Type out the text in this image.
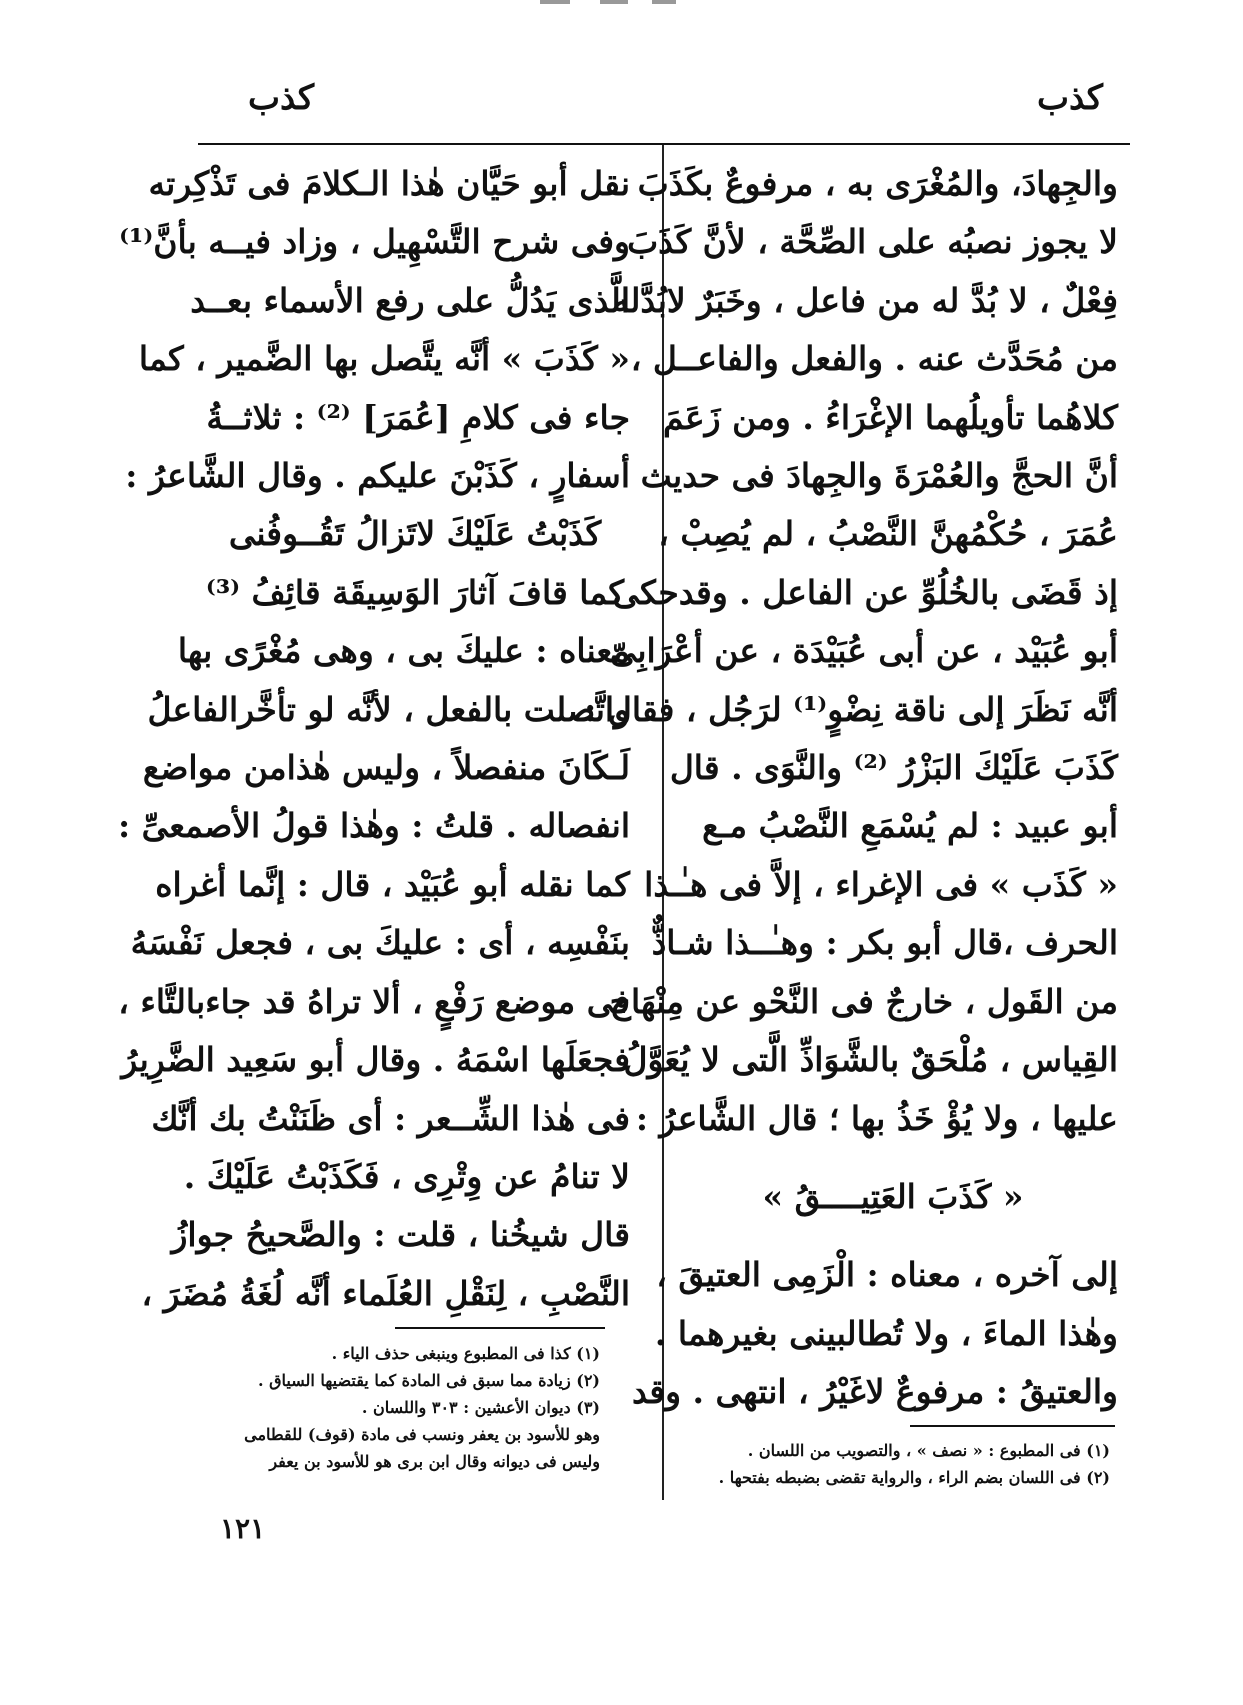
كذب
كذب
والجِهادَ، والمُغْرَى به ، مرفوعٌ بكَذَبَ
لا يجوز نصبُه على الصِّحَّة ، لأنَّ كَذَبَ
فِعْلٌ ، لا بُدَّ له من فاعل ، وخَبَرٌ لابُدَّله
من مُحَدَّث عنه . والفعل والفاعــل ،
كلاهُما تأويلُهما الإغْرَاءُ . ومن زَعَمَ
أنَّ الحجَّ والعُمْرَةَ والجِهادَ فى حديث
عُمَرَ ، حُكْمُهنَّ النَّصْبُ ، لم يُصِبْ ،
إذ قَضَى بالخُلُوِّ عن الفاعل . وقدحكى
أبو عُبَيْد ، عن أبى عُبَيْدَة ، عن أعْرَابِىّ
أنَّه نَظَرَ إلى ناقة نِضْوٍ⁽¹⁾ لرَجُل ، فقال :
كَذَبَ عَلَيْكَ البَزْرُ ⁽²⁾ والنَّوَى . قال
أبو عبيد : لم يُسْمَعِ النَّصْبُ مـع
« كَذَب » فى الإغراء ، إلاَّ فى هـٰـذا
الحرف ،قال أبو بكر : وهـٰــذا شـاذٌّ
من القَول ، خارجٌ فى النَّحْو عن مِنْهَاج
القِياس ، مُلْحَقٌ بالشَّوَاذِّ الَّتى لا يُعَوَّلُ
عليها ، ولا يُؤْ خَذُ بها ؛ قال الشَّاعرُ :
« كَذَبَ العَتِيــــقُ »
إلى آخره ، معناه : الْزَمِى العتيقَ ،
وهٰذا الماءَ ، ولا تُطالبينى بغيرهما .
والعتيقُ : مرفوعٌ لاغَيْرُ ، انتهى . وقد
نقل أبو حَيَّان هٰذا الـكلامَ فى تَذْكِرته
وفى شرح التَّسْهِيل ، وزاد فيــه بأنَّ⁽¹⁾
الَّذى يَدُلُّ على رفع الأسماء بعــد
« كَذَبَ » أنَّه يتَّصل بها الضَّمير ، كما
جاء فى كلامِ [عُمَرَ] ⁽²⁾ : ثلاثــةُ
أسفارٍ ، كَذَبْنَ عليكم . وقال الشَّاعرُ :
كَذَبْتُ عَلَيْكَ لاتَزالُ تَقُــوفُنى
كما قافَ آثارَ الوَسِيقَة قائِفُ ⁽³⁾
معناه : عليكَ بى ، وهى مُغْرًى بها
واتَّصلت بالفعل ، لأنَّه لو تأخَّرالفاعلُ
لَـكَانَ منفصلاً ، وليس هٰذامن مواضع
انفصاله . قلتُ : وهٰذا قولُ الأصمعىِّ :
كما نقله أبو عُبَيْد ، قال : إنَّما أغراه
بنَفْسِه ، أى : عليكَ بى ، فجعل نَفْسَهُ
فى موضع رَفْعٍ ، ألا تراهُ قد جاءبالتَّاء ،
فجعَلَها اسْمَهُ . وقال أبو سَعِيد الضَّرِيرُ
فى هٰذا الشِّــعر : أى ظَنَنْتُ بك أنَّك
لا تنامُ عن وِتْرِى ، فَكَذَبْتُ عَلَيْكَ .
قال شيخُنا ، قلت : والصَّحيحُ جوازُ
النَّصْبِ ، لِنَقْلِ العُلَماء أنَّه لُغَةُ مُضَرَ ،
(١) كذا فى المطبوع وينبغى حذف الياء .
(٢) زيادة مما سبق فى المادة كما يقتضيها السياق .
(٣) ديوان الأعشين : ٣٠٣ واللسان .
وهو للأسود بن يعفر ونسب فى مادة (قوف) للقطامى
وليس فى ديوانه وقال ابن برى هو للأسود بن يعفر
(١) فى المطبوع : « نصف » ، والتصويب من اللسان .
(٢) فى اللسان بضم الراء ، والرواية تقضى بضبطه بفتحها .
١٢١
